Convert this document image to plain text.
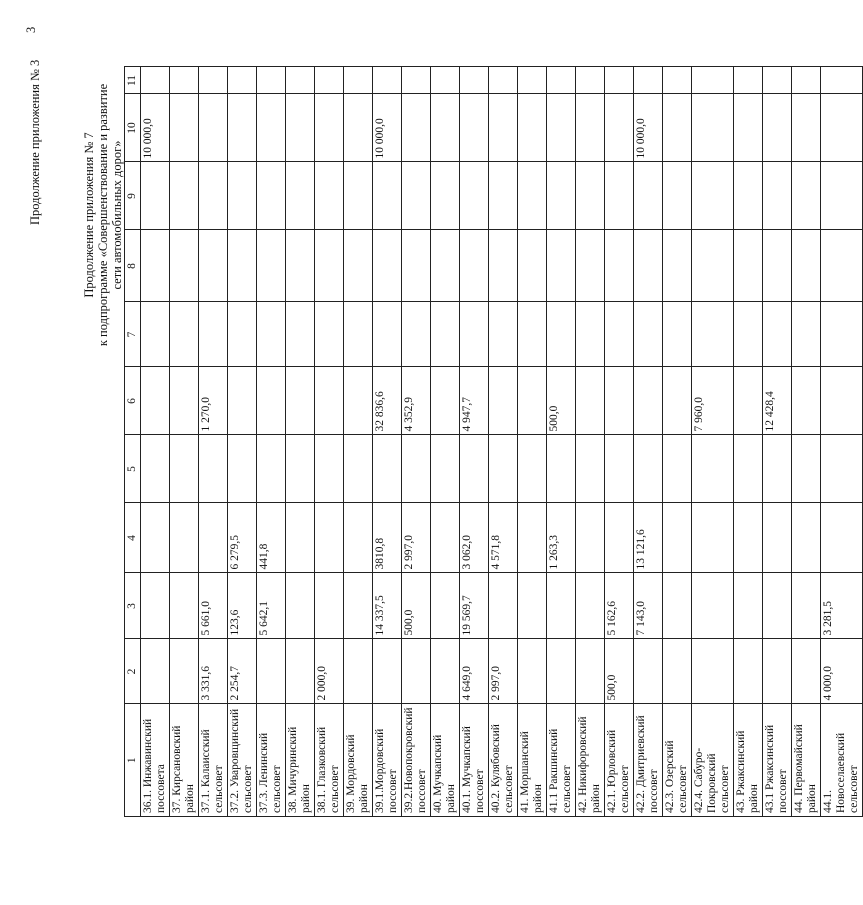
3
Продолжение приложения № 3	Продолжение приложения № 7 к подпрограмме «Совершенствование и развитие сети автомобильных дорог»
1	2	3	4	5	6	7	8	9	10	11
36.1. Инжавинский поссовета									10 000,0	
37. Кирсановский район										
37.1. Калаисский сельсовет	3 331,6	5 661,0			1 270,0					
37.2. Уваровщинский сельсовет	2 254,7	123,6	6 279,5							
37.3. Ленинский сельсовет		5 642,1	441,8							
38. Мичуринский район										
38.1. Глазковский сельсовет	2 000,0									
39. Мордовский район										
39.1.Мордовский поссовет		14 337,5	3810,8		32 836,6				10 000,0	
39.2.Новопокровский поссовет		500,0	2 997,0		4 352,9					
40. Мучкапский район										
40.1. Мучкапский поссовет	4 649,0	19 569,7	3 062,0		4 947,7					
40.2. Кулябовский сельсовет	2 997,0		4 571,8							
41. Моршанский район										
41.1 Ракшинский сельсовет			1 263,3		500,0					
42. Никифоровский район										
42.1. Юрловский сельсовет	500,0	5 162,6								
42.2. Дмитриевский поссовет		7 143,0	13 121,6						10 000,0	
42.3. Озерский сельсовет										
42.4. Сабуро-Покровский сельсовет					7 960,0					
43. Ржаксинский район										
43.1 Ржаксинский поссовет					12 428,4					
44. Первомайский район										
44.1. Новоселаевский сельсовет	4 000,0	3 281,5								
